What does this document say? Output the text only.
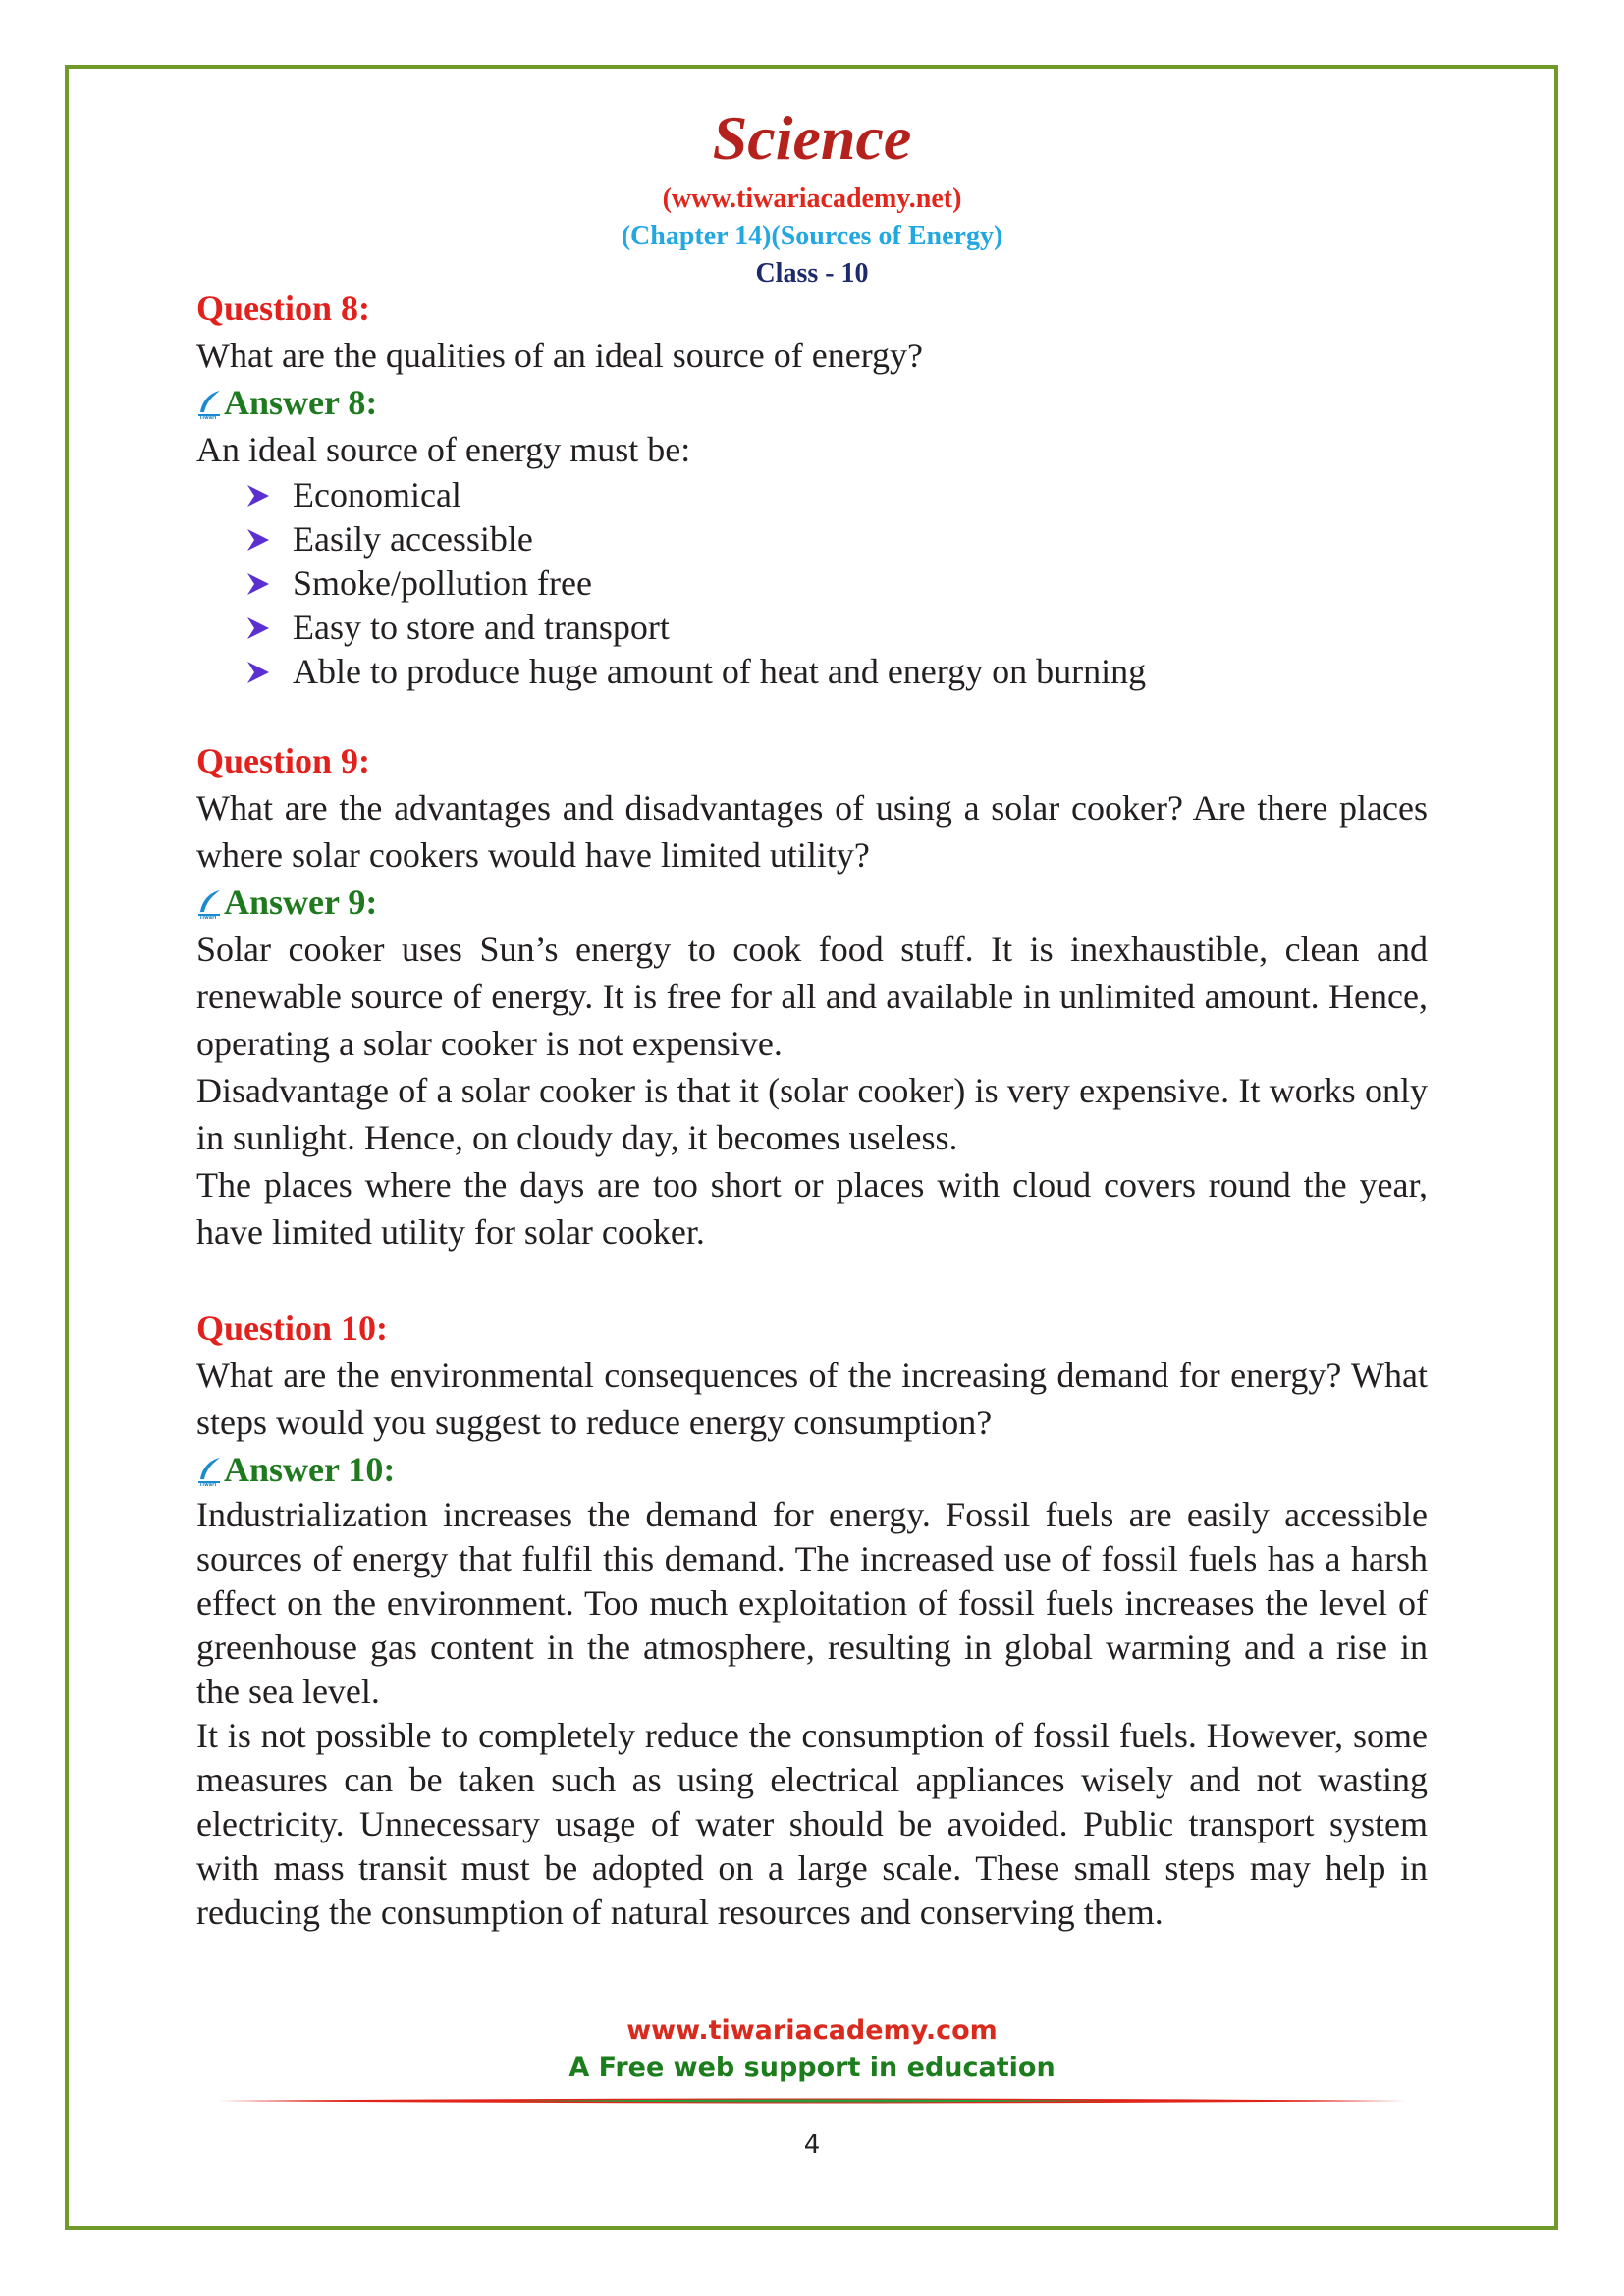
Science
(www.tiwariacademy.net)
(Chapter 14)(Sources of Energy)
Class - 10
Question 8:

What are the qualities of an ideal source of energy?

Tiwari Answer 8:

An ideal source of energy must be:

Economical
Easily accessible
Smoke/pollution free
Easy to store and transport
Able to produce huge amount of heat and energy on burning
Question 9:

What are the advantages and disadvantages of using a solar cooker? Are there places where solar cookers would have limited utility?

Tiwari Answer 9:

Solar cooker uses Sun’s energy to cook food stuff. It is inexhaustible, clean and renewable source of energy. It is free for all and available in unlimited amount. Hence, operating a solar cooker is not expensive.

Disadvantage of a solar cooker is that it (solar cooker) is very expensive. It works only in sunlight. Hence, on cloudy day, it becomes useless.

The places where the days are too short or places with cloud covers round the year, have limited utility for solar cooker.

Question 10:

What are the environmental consequences of the increasing demand for energy? What steps would you suggest to reduce energy consumption?

Tiwari Answer 10:

Industrialization increases the demand for energy. Fossil fuels are easily accessible sources of energy that fulfil this demand. The increased use of fossil fuels has a harsh effect on the environment. Too much exploitation of fossil fuels increases the level of greenhouse gas content in the atmosphere, resulting in global warming and a rise in the sea level.

It is not possible to completely reduce the consumption of fossil fuels. However, some measures can be taken such as using electrical appliances wisely and not wasting electricity. Unnecessary usage of water should be avoided. Public transport system with mass transit must be adopted on a large scale. These small steps may help in reducing the consumption of natural resources and conserving them.

www.tiwariacademy.com
A Free web support in education
4
